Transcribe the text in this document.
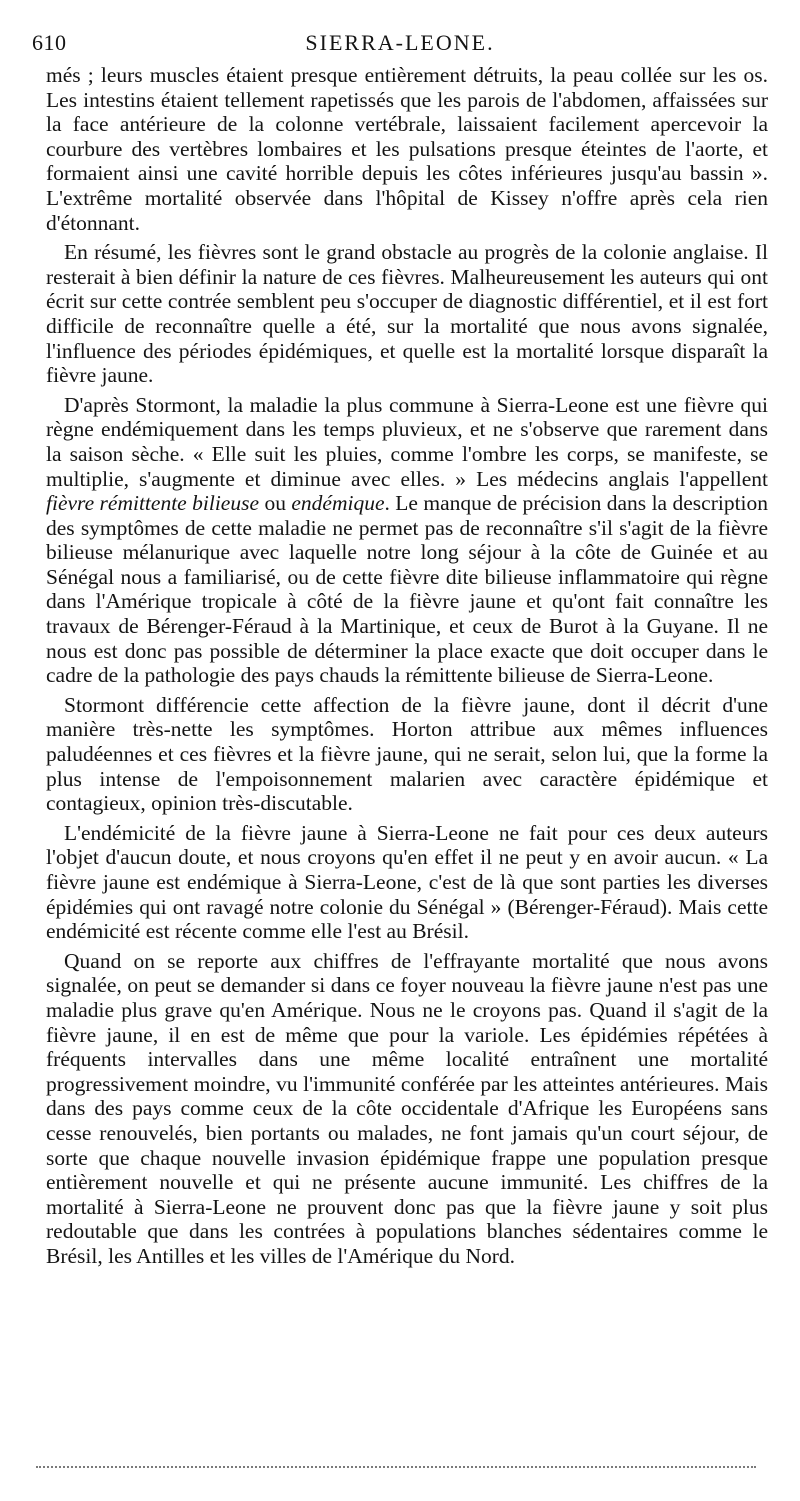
610	SIERRA-LEONE.

més ; leurs muscles étaient presque entièrement détruits, la peau collée sur les os. Les intestins étaient tellement rapetissés que les parois de l'abdomen, affaissées sur la face antérieure de la colonne vertébrale, laissaient facilement apercevoir la courbure des vertèbres lombaires et les pulsations presque éteintes de l'aorte, et formaient ainsi une cavité horrible depuis les côtes inférieures jusqu'au bassin ». L'extrême mortalité observée dans l'hôpital de Kissey n'offre après cela rien d'étonnant.

En résumé, les fièvres sont le grand obstacle au progrès de la colonie anglaise. Il resterait à bien définir la nature de ces fièvres. Malheureusement les auteurs qui ont écrit sur cette contrée semblent peu s'occuper de diagnostic différentiel, et il est fort difficile de reconnaître quelle a été, sur la mortalité que nous avons signalée, l'influence des périodes épidémiques, et quelle est la mortalité lorsque disparaît la fièvre jaune.

D'après Stormont, la maladie la plus commune à Sierra-Leone est une fièvre qui règne endémiquement dans les temps pluvieux, et ne s'observe que rarement dans la saison sèche. « Elle suit les pluies, comme l'ombre les corps, se manifeste, se multiplie, s'augmente et diminue avec elles. » Les médecins anglais l'appellent fièvre rémittente bilieuse ou endémique. Le manque de précision dans la description des symptômes de cette maladie ne permet pas de reconnaître s'il s'agit de la fièvre bilieuse mélanurique avec laquelle notre long séjour à la côte de Guinée et au Sénégal nous a familiarisé, ou de cette fièvre dite bilieuse inflammatoire qui règne dans l'Amérique tropicale à côté de la fièvre jaune et qu'ont fait connaître les travaux de Bérenger-Féraud à la Martinique, et ceux de Burot à la Guyane. Il ne nous est donc pas possible de déterminer la place exacte que doit occuper dans le cadre de la pathologie des pays chauds la rémittente bilieuse de Sierra-Leone.

Stormont différencie cette affection de la fièvre jaune, dont il décrit d'une manière très-nette les symptômes. Horton attribue aux mêmes influences paludéennes et ces fièvres et la fièvre jaune, qui ne serait, selon lui, que la forme la plus intense de l'empoisonnement malarien avec caractère épidémique et contagieux, opinion très-discutable.

L'endémicité de la fièvre jaune à Sierra-Leone ne fait pour ces deux auteurs l'objet d'aucun doute, et nous croyons qu'en effet il ne peut y en avoir aucun. « La fièvre jaune est endémique à Sierra-Leone, c'est de là que sont parties les diverses épidémies qui ont ravagé notre colonie du Sénégal » (Bérenger-Féraud). Mais cette endémicité est récente comme elle l'est au Brésil.

Quand on se reporte aux chiffres de l'effrayante mortalité que nous avons signalée, on peut se demander si dans ce foyer nouveau la fièvre jaune n'est pas une maladie plus grave qu'en Amérique. Nous ne le croyons pas. Quand il s'agit de la fièvre jaune, il en est de même que pour la variole. Les épidémies répétées à fréquents intervalles dans une même localité entraînent une mortalité progressivement moindre, vu l'immunité conférée par les atteintes antérieures. Mais dans des pays comme ceux de la côte occidentale d'Afrique les Européens sans cesse renouvelés, bien portants ou malades, ne font jamais qu'un court séjour, de sorte que chaque nouvelle invasion épidémique frappe une population presque entièrement nouvelle et qui ne présente aucune immunité. Les chiffres de la mortalité à Sierra-Leone ne prouvent donc pas que la fièvre jaune y soit plus redoutable que dans les contrées à populations blanches sédentaires comme le Brésil, les Antilles et les villes de l'Amérique du Nord.
